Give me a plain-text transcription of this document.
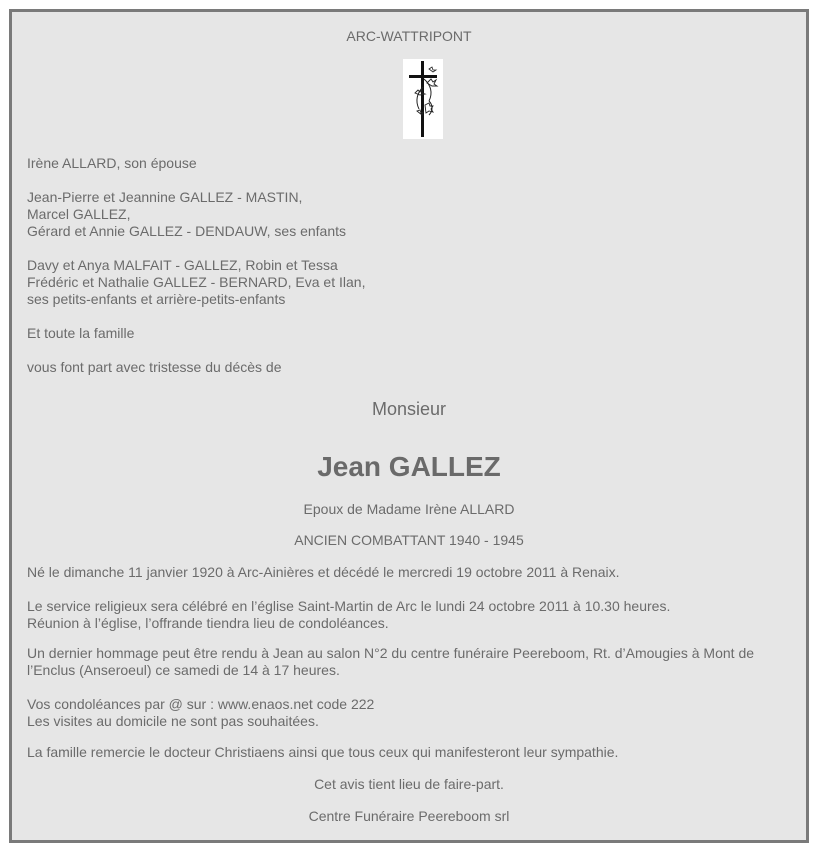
ARC-WATTRIPONT
Irène ALLARD, son épouse
Jean-Pierre et Jeannine GALLEZ - MASTIN,
Marcel GALLEZ,
Gérard et Annie GALLEZ - DENDAUW, ses enfants
Davy et Anya MALFAIT - GALLEZ, Robin et Tessa
Frédéric et Nathalie GALLEZ - BERNARD, Eva et Ilan,
ses petits-enfants et arrière-petits-enfants
Et toute la famille
vous font part avec tristesse du décès de
Monsieur
Jean GALLEZ
Epoux de Madame Irène ALLARD
ANCIEN COMBATTANT 1940 - 1945
Né le dimanche 11 janvier 1920 à Arc-Ainières et décédé le mercredi 19 octobre 2011 à Renaix.
Le service religieux sera célébré en l’église Saint-Martin de Arc le lundi 24 octobre 2011 à 10.30 heures.
Réunion à l’église, l’offrande tiendra lieu de condoléances.
Un dernier hommage peut être rendu à Jean au salon N°2 du centre funéraire Peereboom, Rt. d’Amougies à Mont de l’Enclus (Anseroeul) ce samedi de 14 à 17 heures.
Vos condoléances par @ sur : www.enaos.net code 222
Les visites au domicile ne sont pas souhaitées.
La famille remercie le docteur Christiaens ainsi que tous ceux qui manifesteront leur sympathie.
Cet avis tient lieu de faire-part.
Centre Funéraire Peereboom srl
